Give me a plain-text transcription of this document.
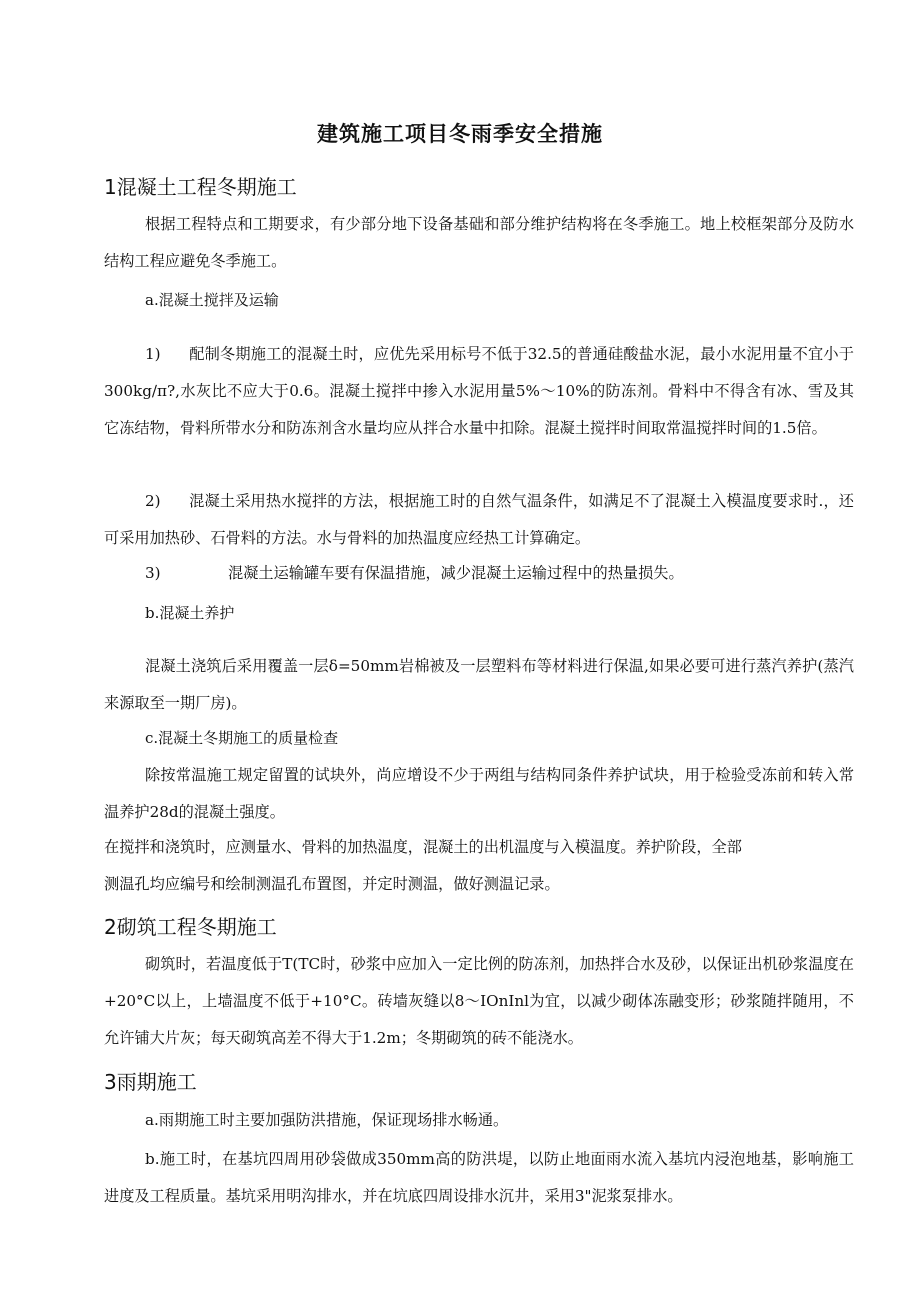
建筑施工项目冬雨季安全措施
1混凝土工程冬期施工
根据工程特点和工期要求，有少部分地下设备基础和部分维护结构将在冬季施工。地上校框架部分及防水结构工程应避免冬季施工。
a.混凝土搅拌及运输
1) 配制冬期施工的混凝土时，应优先采用标号不低于32.5的普通硅酸盐水泥，最小水泥用量不宜小于300kg∕π?,水灰比不应大于0.6。混凝土搅拌中掺入水泥用量5%～10%的防冻剂。骨料中不得含有冰、雪及其它冻结物，骨料所带水分和防冻剂含水量均应从拌合水量中扣除。混凝土搅拌时间取常温搅拌时间的1.5倍。
2) 混凝土采用热水搅拌的方法，根据施工时的自然气温条件，如满足不了混凝土入模温度要求时.，还可采用加热砂、石骨料的方法。水与骨料的加热温度应经热工计算确定。
3)	混凝土运输罐车要有保温措施，减少混凝土运输过程中的热量损失。
b.混凝土养护
混凝土浇筑后采用覆盖一层δ=50mm岩棉被及一层塑料布等材料进行保温,如果必要可进行蒸汽养护(蒸汽来源取至一期厂房)。
c.混凝土冬期施工的质量检查
除按常温施工规定留置的试块外，尚应增设不少于两组与结构同条件养护试块，用于检验受冻前和转入常温养护28d的混凝土强度。
在搅拌和浇筑时，应测量水、骨料的加热温度，混凝土的出机温度与入模温度。养护阶段，全部
测温孔均应编号和绘制测温孔布置图，并定时测温，做好测温记录。
2砌筑工程冬期施工
砌筑时，若温度低于T(TC时，砂浆中应加入一定比例的防冻剂，加热拌合水及砂，以保证出机砂浆温度在+20°C以上，上墙温度不低于+10°C。砖墙灰缝以8～IOnInl为宜，以减少砌体冻融变形；砂浆随拌随用，不允许铺大片灰；每天砌筑高差不得大于1.2m；冬期砌筑的砖不能浇水。
3雨期施工
a.雨期施工时主要加强防洪措施，保证现场排水畅通。
b.施工时，在基坑四周用砂袋做成350mm高的防洪堤，以防止地面雨水流入基坑内浸泡地基，影响施工进度及工程质量。基坑采用明沟排水，并在坑底四周设排水沉井，采用3"泥浆泵排水。
